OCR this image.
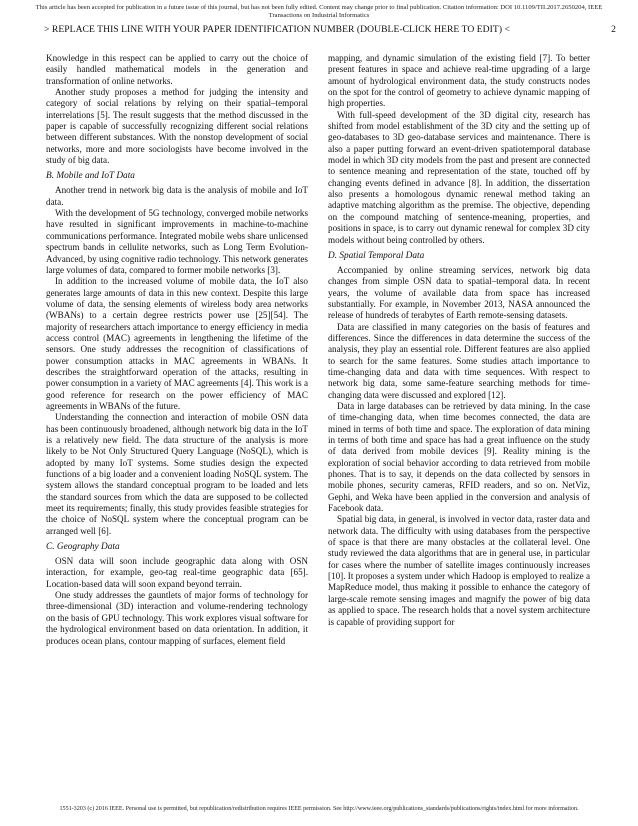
This article has been accepted for publication in a future issue of this journal, but has not been fully edited. Content may change prior to final publication. Citation information: DOI 10.1109/TII.2017.2650204, IEEE
Transactions on Industrial Informatics
> REPLACE THIS LINE WITH YOUR PAPER IDENTIFICATION NUMBER (DOUBLE-CLICK HERE TO EDIT) <	2

Knowledge in this respect can be applied to carry out the choice of easily handled mathematical models in the generation and transformation of online networks.

Another study proposes a method for judging the intensity and category of social relations by relying on their spatial–temporal interrelations [5]. The result suggests that the method discussed in the paper is capable of successfully recognizing different social relations between different substances. With the nonstop development of social networks, more and more sociologists have become involved in the study of big data.

B. Mobile and IoT Data

Another trend in network big data is the analysis of mobile and IoT data.

With the development of 5G technology, converged mobile networks have resulted in significant improvements in machine-to-machine communications performance. Integrated mobile webs share unlicensed spectrum bands in cellulite networks, such as Long Term Evolution-Advanced, by using cognitive radio technology. This network generates large volumes of data, compared to former mobile networks [3].

In addition to the increased volume of mobile data, the IoT also generates large amounts of data in this new context. Despite this large volume of data, the sensing elements of wireless body area networks (WBANs) to a certain degree restricts power use [25][54]. The majority of researchers attach importance to energy efficiency in media access control (MAC) agreements in lengthening the lifetime of the sensors. One study addresses the recognition of classifications of power consumption attacks in MAC agreements in WBANs. It describes the straightforward operation of the attacks, resulting in power consumption in a variety of MAC agreements [4]. This work is a good reference for research on the power efficiency of MAC agreements in WBANs of the future.

Understanding the connection and interaction of mobile OSN data has been continuously broadened, although network big data in the IoT is a relatively new field. The data structure of the analysis is more likely to be Not Only Structured Query Language (NoSQL), which is adopted by many IoT systems. Some studies design the expected functions of a big loader and a convenient loading NoSQL system. The system allows the standard conceptual program to be loaded and lets the standard sources from which the data are supposed to be collected meet its requirements; finally, this study provides feasible strategies for the choice of NoSQL system where the conceptual program can be arranged well [6].

C. Geography Data

OSN data will soon include geographic data along with OSN interaction, for example, geo-tag real-time geographic data [65]. Location-based data will soon expand beyond terrain.

One study addresses the gauntlets of major forms of technology for three-dimensional (3D) interaction and volume-rendering technology on the basis of GPU technology. This work explores visual software for the hydrological environment based on data orientation. In addition, it produces ocean plans, contour mapping of surfaces, element field

mapping, and dynamic simulation of the existing field [7]. To better present features in space and achieve real-time upgrading of a large amount of hydrological environment data, the study constructs nodes on the spot for the control of geometry to achieve dynamic mapping of high properties.

With full-speed development of the 3D digital city, research has shifted from model establishment of the 3D city and the setting up of geo-databases to 3D geo-database services and maintenance. There is also a paper putting forward an event-driven spatiotemporal database model in which 3D city models from the past and present are connected to sentence meaning and representation of the state, touched off by changing events defined in advance [8]. In addition, the dissertation also presents a homologous dynamic renewal method taking an adaptive matching algorithm as the premise. The objective, depending on the compound matching of sentence-meaning, properties, and positions in space, is to carry out dynamic renewal for complex 3D city models without being controlled by others.

D. Spatial Temporal Data

Accompanied by online streaming services, network big data changes from simple OSN data to spatial–temporal data. In recent years, the volume of available data from space has increased substantially. For example, in November 2013, NASA announced the release of hundreds of terabytes of Earth remote-sensing datasets.

Data are classified in many categories on the basis of features and differences. Since the differences in data determine the success of the analysis, they play an essential role. Different features are also applied to search for the same features. Some studies attach importance to time-changing data and data with time sequences. With respect to network big data, some same-feature searching methods for time-changing data were discussed and explored [12].

Data in large databases can be retrieved by data mining. In the case of time-changing data, when time becomes connected, the data are mined in terms of both time and space. The exploration of data mining in terms of both time and space has had a great influence on the study of data derived from mobile devices [9]. Reality mining is the exploration of social behavior according to data retrieved from mobile phones. That is to say, it depends on the data collected by sensors in mobile phones, security cameras, RFID readers, and so on. NetViz, Gephi, and Weka have been applied in the conversion and analysis of Facebook data.

Spatial big data, in general, is involved in vector data, raster data and network data. The difficulty with using databases from the perspective of space is that there are many obstacles at the collateral level. One study reviewed the data algorithms that are in general use, in particular for cases where the number of satellite images continuously increases [10]. It proposes a system under which Hadoop is employed to realize a MapReduce model, thus making it possible to enhance the category of large-scale remote sensing images and magnify the power of big data as applied to space. The research holds that a novel system architecture is capable of providing support for

1551-3203 (c) 2016 IEEE. Personal use is permitted, but republication/redistribution requires IEEE permission. See http://www.ieee.org/publications_standards/publications/rights/index.html for more information.
